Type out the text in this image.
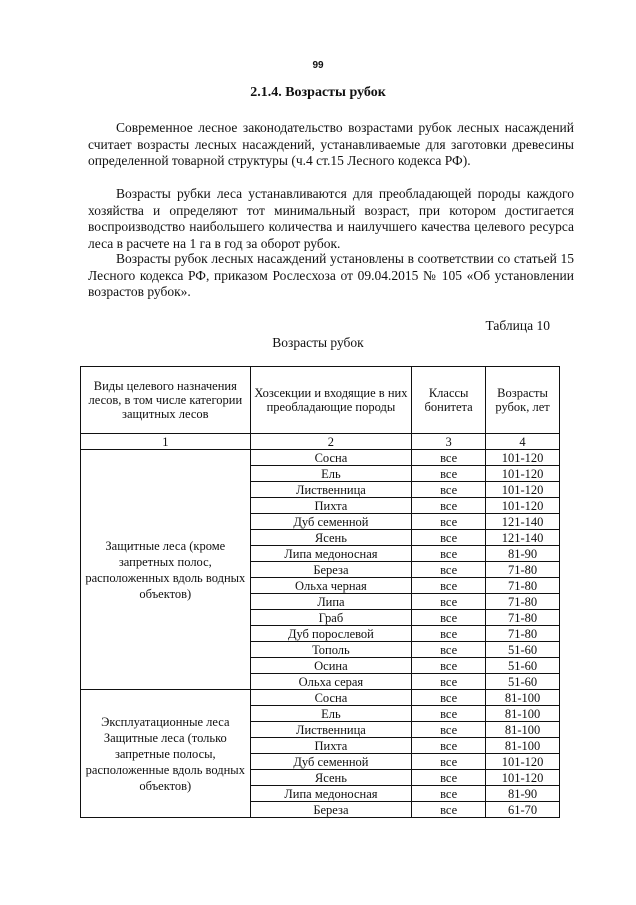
99
2.1.4. Возрасты рубок

Современное лесное законодательство возрастами рубок лесных насаждений считает возрасты лесных насаждений, устанавливаемые для заготовки древесины определенной товарной структуры (ч.4 ст.15 Лесного кодекса РФ).

Возрасты рубки леса устанавливаются для преобладающей породы каждого хозяйства и определяют тот минимальный возраст, при котором достигается воспроизводство наибольшего количества и наилучшего качества целевого ресурса леса в расчете на 1 га в год за оборот рубок.

Возрасты рубок лесных насаждений установлены в соответствии со статьей 15 Лесного кодекса РФ, приказом Рослесхоза от 09.04.2015 № 105 «Об установлении возрастов рубок».

Таблица 10
Возрасты рубок
Виды целевого назначения лесов, в том числе категории защитных лесов	Хозсекции и входящие в них преобладающие породы	Классы бонитета	Возрасты рубок, лет
1	2	3	4
Защитные леса (кроме запретных полос, расположенных вдоль водных объектов)	Сосна	все	101-120
	Ель	все	101-120
	Лиственница	все	101-120
	Пихта	все	101-120
	Дуб семенной	все	121-140
	Ясень	все	121-140
	Липа медоносная	все	81-90
	Береза	все	71-80
	Ольха черная	все	71-80
	Липа	все	71-80
	Граб	все	71-80
	Дуб порослевой	все	71-80
	Тополь	все	51-60
	Осина	все	51-60
	Ольха серая	все	51-60
Эксплуатационные леса Защитные леса (только запретные полосы, расположенные вдоль водных объектов)	Сосна	все	81-100
	Ель	все	81-100
	Лиственница	все	81-100
	Пихта	все	81-100
	Дуб семенной	все	101-120
	Ясень	все	101-120
	Липа медоносная	все	81-90
	Береза	все	61-70
